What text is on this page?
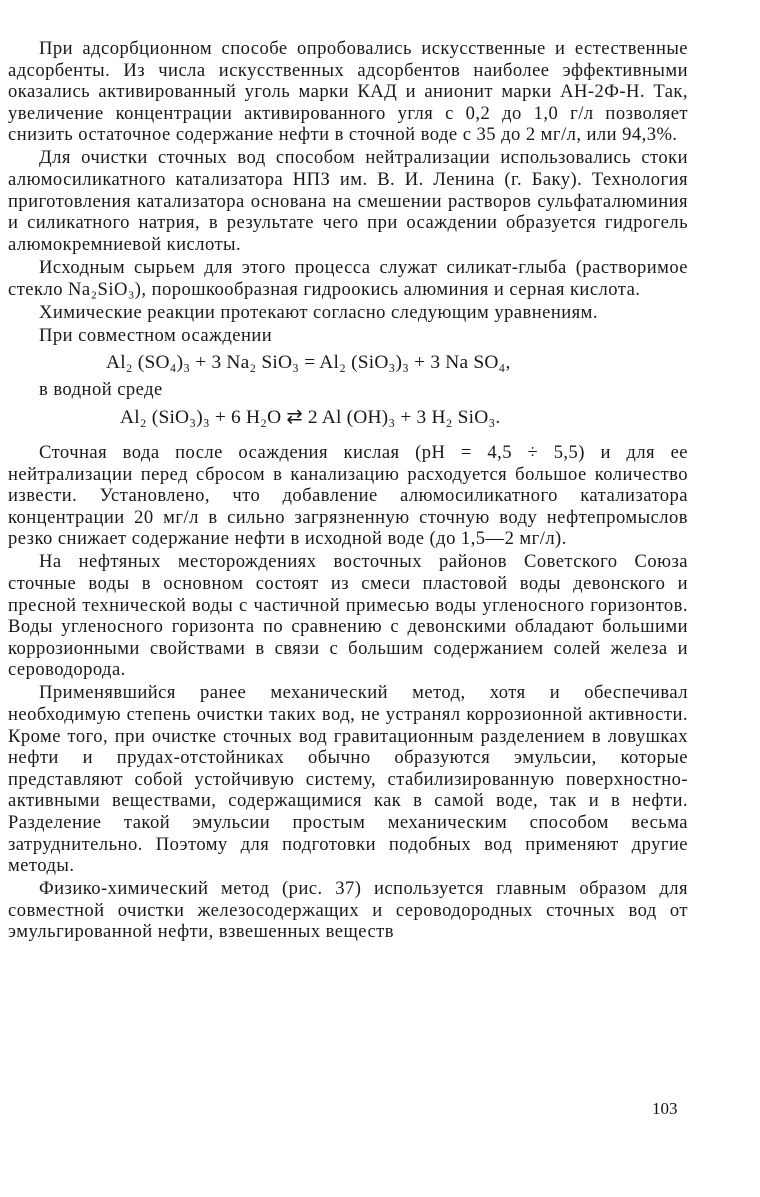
При адсорбционном способе опробовались искусственные и естественные адсорбенты. Из числа искусственных адсорбентов наиболее эффективными оказались активированный уголь марки КАД и анионит марки АН-2Ф-Н. Так, увеличение концентрации активированного угля с 0,2 до 1,0 г/л позволяет снизить остаточное содержание нефти в сточной воде с 35 до 2 мг/л, или 94,3%.

Для очистки сточных вод способом нейтрализации использовались стоки алюмосиликатного катализатора НПЗ им. В. И. Ленина (г. Баку). Технология приготовления катализатора основана на смешении растворов сульфаталюминия и силикатного натрия, в результате чего при осаждении образуется гидрогель алюмокремниевой кислоты.

Исходным сырьем для этого процесса служат силикат-глыба (растворимое стекло Na₂SiO₃), порошкообразная гидроокись алюминия и серная кислота.

Химические реакции протекают согласно следующим уравнениям.

При совместном осаждении

Al₂ (SO₄)₃ + 3 Na₂ SiO₃ = Al₂ (SiO₃)₃ + 3 Na SO₄,

в водной среде

Al₂ (SiO₃)₃ + 6 H₂O ⇄ 2 Al (OH)₃ + 3 H₂ SiO₃.

Сточная вода после осаждения кислая (pH = 4,5 ÷ 5,5) и для ее нейтрализации перед сбросом в канализацию расходуется большое количество извести. Установлено, что добавление алюмосиликатного катализатора концентрации 20 мг/л в сильно загрязненную сточную воду нефтепромыслов резко снижает содержание нефти в исходной воде (до 1,5—2 мг/л).

На нефтяных месторождениях восточных районов Советского Союза сточные воды в основном состоят из смеси пластовой воды девонского и пресной технической воды с частичной примесью воды угленосного горизонтов. Воды угленосного горизонта по сравнению с девонскими обладают большими коррозионными свойствами в связи с большим содержанием солей железа и сероводорода.

Применявшийся ранее механический метод, хотя и обеспечивал необходимую степень очистки таких вод, не устранял коррозионной активности. Кроме того, при очистке сточных вод гравитационным разделением в ловушках нефти и прудах-отстойниках обычно образуются эмульсии, которые представляют собой устойчивую систему, стабилизированную поверхностно-активными веществами, содержащимися как в самой воде, так и в нефти. Разделение такой эмульсии простым механическим способом весьма затруднительно. Поэтому для подготовки подобных вод применяют другие методы.

Физико-химический метод (рис. 37) используется главным образом для совместной очистки железосодержащих и сероводородных сточных вод от эмульгированной нефти, взвешенных веществ

103
